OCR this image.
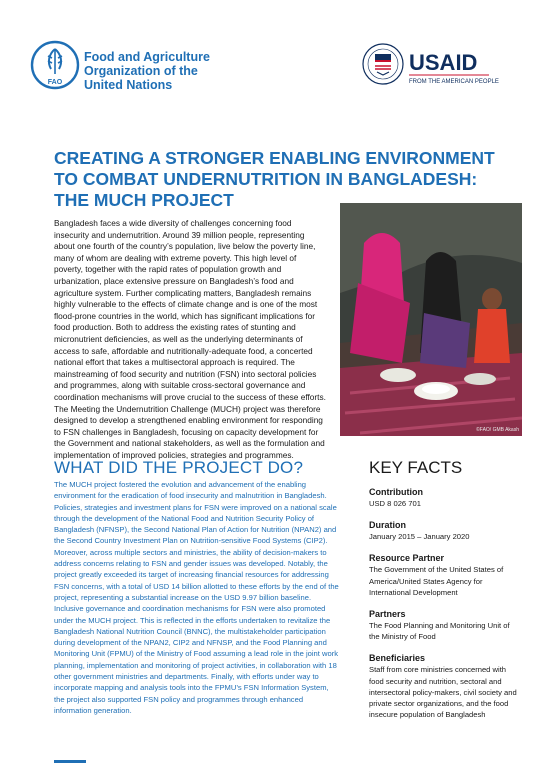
FAO
Food and Agriculture Organization of the United Nations
USAID
FROM THE AMERICAN PEOPLE
CREATING A STRONGER ENABLING ENVIRONMENT TO COMBAT UNDERNUTRITION IN BANGLADESH: THE MUCH PROJECT

Bangladesh faces a wide diversity of challenges concerning food insecurity and undernutrition. Around 39 million people, representing about one fourth of the country’s population, live below the poverty line, many of whom are dealing with extreme poverty. This high level of poverty, together with the rapid rates of population growth and urbanization, place extensive pressure on Bangladesh’s food and agriculture system. Further complicating matters, Bangladesh remains highly vulnerable to the effects of climate change and is one of the most flood-prone countries in the world, which has significant implications for food production. Both to address the existing rates of stunting and micronutrient deficiencies, as well as the underlying determinants of access to safe, affordable and nutritionally-adequate food, a concerted national effort that takes a multisectoral approach is required. The mainstreaming of food security and nutrition (FSN) into sectoral policies and programmes, along with suitable cross-sectoral governance and coordination mechanisms will prove crucial to the success of these efforts. The Meeting the Undernutrition Challenge (MUCH) project was therefore designed to develop a strengthened enabling environment for responding to FSN challenges in Bangladesh, focusing on capacity development for the Government and national stakeholders, as well as the formulation and implementation of improved policies, strategies and programmes.

©FAO/ GMB Akash
WHAT DID THE PROJECT DO?

The MUCH project fostered the evolution and advancement of the enabling environment for the eradication of food insecurity and malnutrition in Bangladesh. Policies, strategies and investment plans for FSN were improved on a national scale through the development of the National Food and Nutrition Security Policy of Bangladesh (NFNSP), the Second National Plan of Action for Nutrition (NPAN2) and the Second Country Investment Plan on Nutrition-sensitive Food Systems (CIP2). Moreover, across multiple sectors and ministries, the ability of decision-makers to address concerns relating to FSN and gender issues was developed. Notably, the project greatly exceeded its target of increasing financial resources for addressing FSN concerns, with a total of USD 14 billion allotted to these efforts by the end of the project, representing a substantial increase on the USD 9.97 billion baseline. Inclusive governance and coordination mechanisms for FSN were also promoted under the MUCH project. This is reflected in the efforts undertaken to revitalize the Bangladesh National Nutrition Council (BNNC), the multistakeholder participation during development of the NPAN2, CIP2 and NFNSP, and the Food Planning and Monitoring Unit (FPMU) of the Ministry of Food assuming a lead role in the joint work planning, implementation and monitoring of project activities, in collaboration with 18 other government ministries and departments. Finally, with efforts under way to incorporate mapping and analysis tools into the FPMU’s FSN Information System, the project also supported FSN policy and programmes through enhanced information generation.

KEY FACTS
Contribution
USD 8 026 701
Duration
January 2015 – January 2020
Resource Partner
The Government of the United States of America/United States Agency for International Development
Partners
The Food Planning and Monitoring Unit of the Ministry of Food
Beneficiaries
Staff from core ministries concerned with food security and nutrition, sectoral and intersectoral policy-makers, civil society and private sector organizations, and the food insecure population of Bangladesh
